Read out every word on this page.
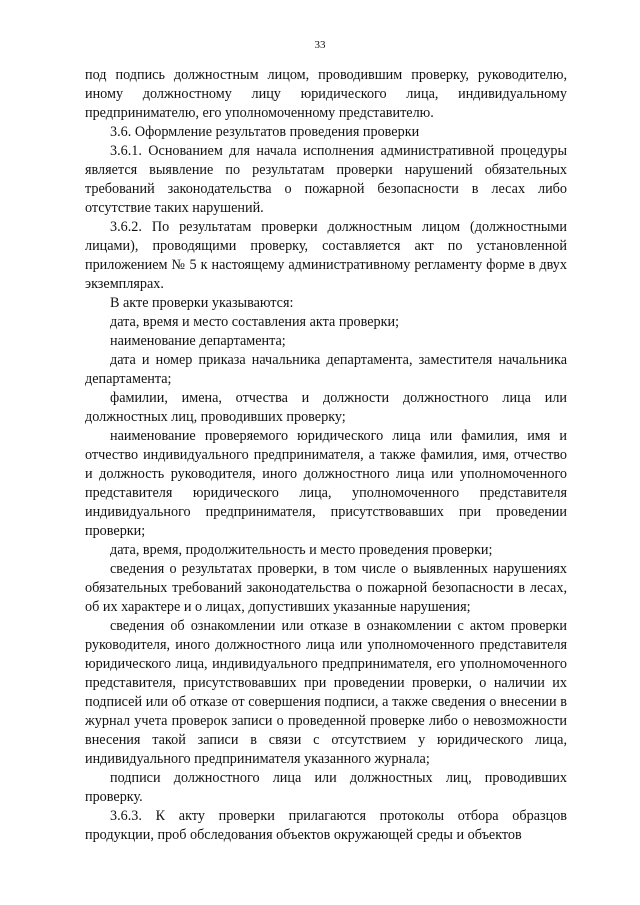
33

под подпись должностным лицом, проводившим проверку, руководителю, иному должностному лицу юридического лица, индивидуальному предпринимателю, его уполномоченному представителю.

3.6. Оформление результатов проведения проверки

3.6.1. Основанием для начала исполнения административной процедуры является выявление по результатам проверки нарушений обязательных требований законодательства о пожарной безопасности в лесах либо отсутствие таких нарушений.

3.6.2. По результатам проверки должностным лицом (должностными лицами), проводящими проверку, составляется акт по установленной приложением № 5 к настоящему административному регламенту форме в двух экземплярах.

В акте проверки указываются:

дата, время и место составления акта проверки;

наименование департамента;

дата и номер приказа начальника департамента, заместителя начальника департамента;

фамилии, имена, отчества и должности должностного лица или должностных лиц, проводивших проверку;

наименование проверяемого юридического лица или фамилия, имя и отчество индивидуального предпринимателя, а также фамилия, имя, отчество и должность руководителя, иного должностного лица или уполномоченного представителя юридического лица, уполномоченного представителя индивидуального предпринимателя, присутствовавших при проведении проверки;

дата, время, продолжительность и место проведения проверки;

сведения о результатах проверки, в том числе о выявленных нарушениях обязательных требований законодательства о пожарной безопасности в лесах, об их характере и о лицах, допустивших указанные нарушения;

сведения об ознакомлении или отказе в ознакомлении с актом проверки руководителя, иного должностного лица или уполномоченного представителя юридического лица, индивидуального предпринимателя, его уполномоченного представителя, присутствовавших при проведении проверки, о наличии их подписей или об отказе от совершения подписи, а также сведения о внесении в журнал учета проверок записи о проведенной проверке либо о невозможности внесения такой записи в связи с отсутствием у юридического лица, индивидуального предпринимателя указанного журнала;

подписи должностного лица или должностных лиц, проводивших проверку.

3.6.3. К акту проверки прилагаются протоколы отбора образцов продукции, проб обследования объектов окружающей среды и объектов
